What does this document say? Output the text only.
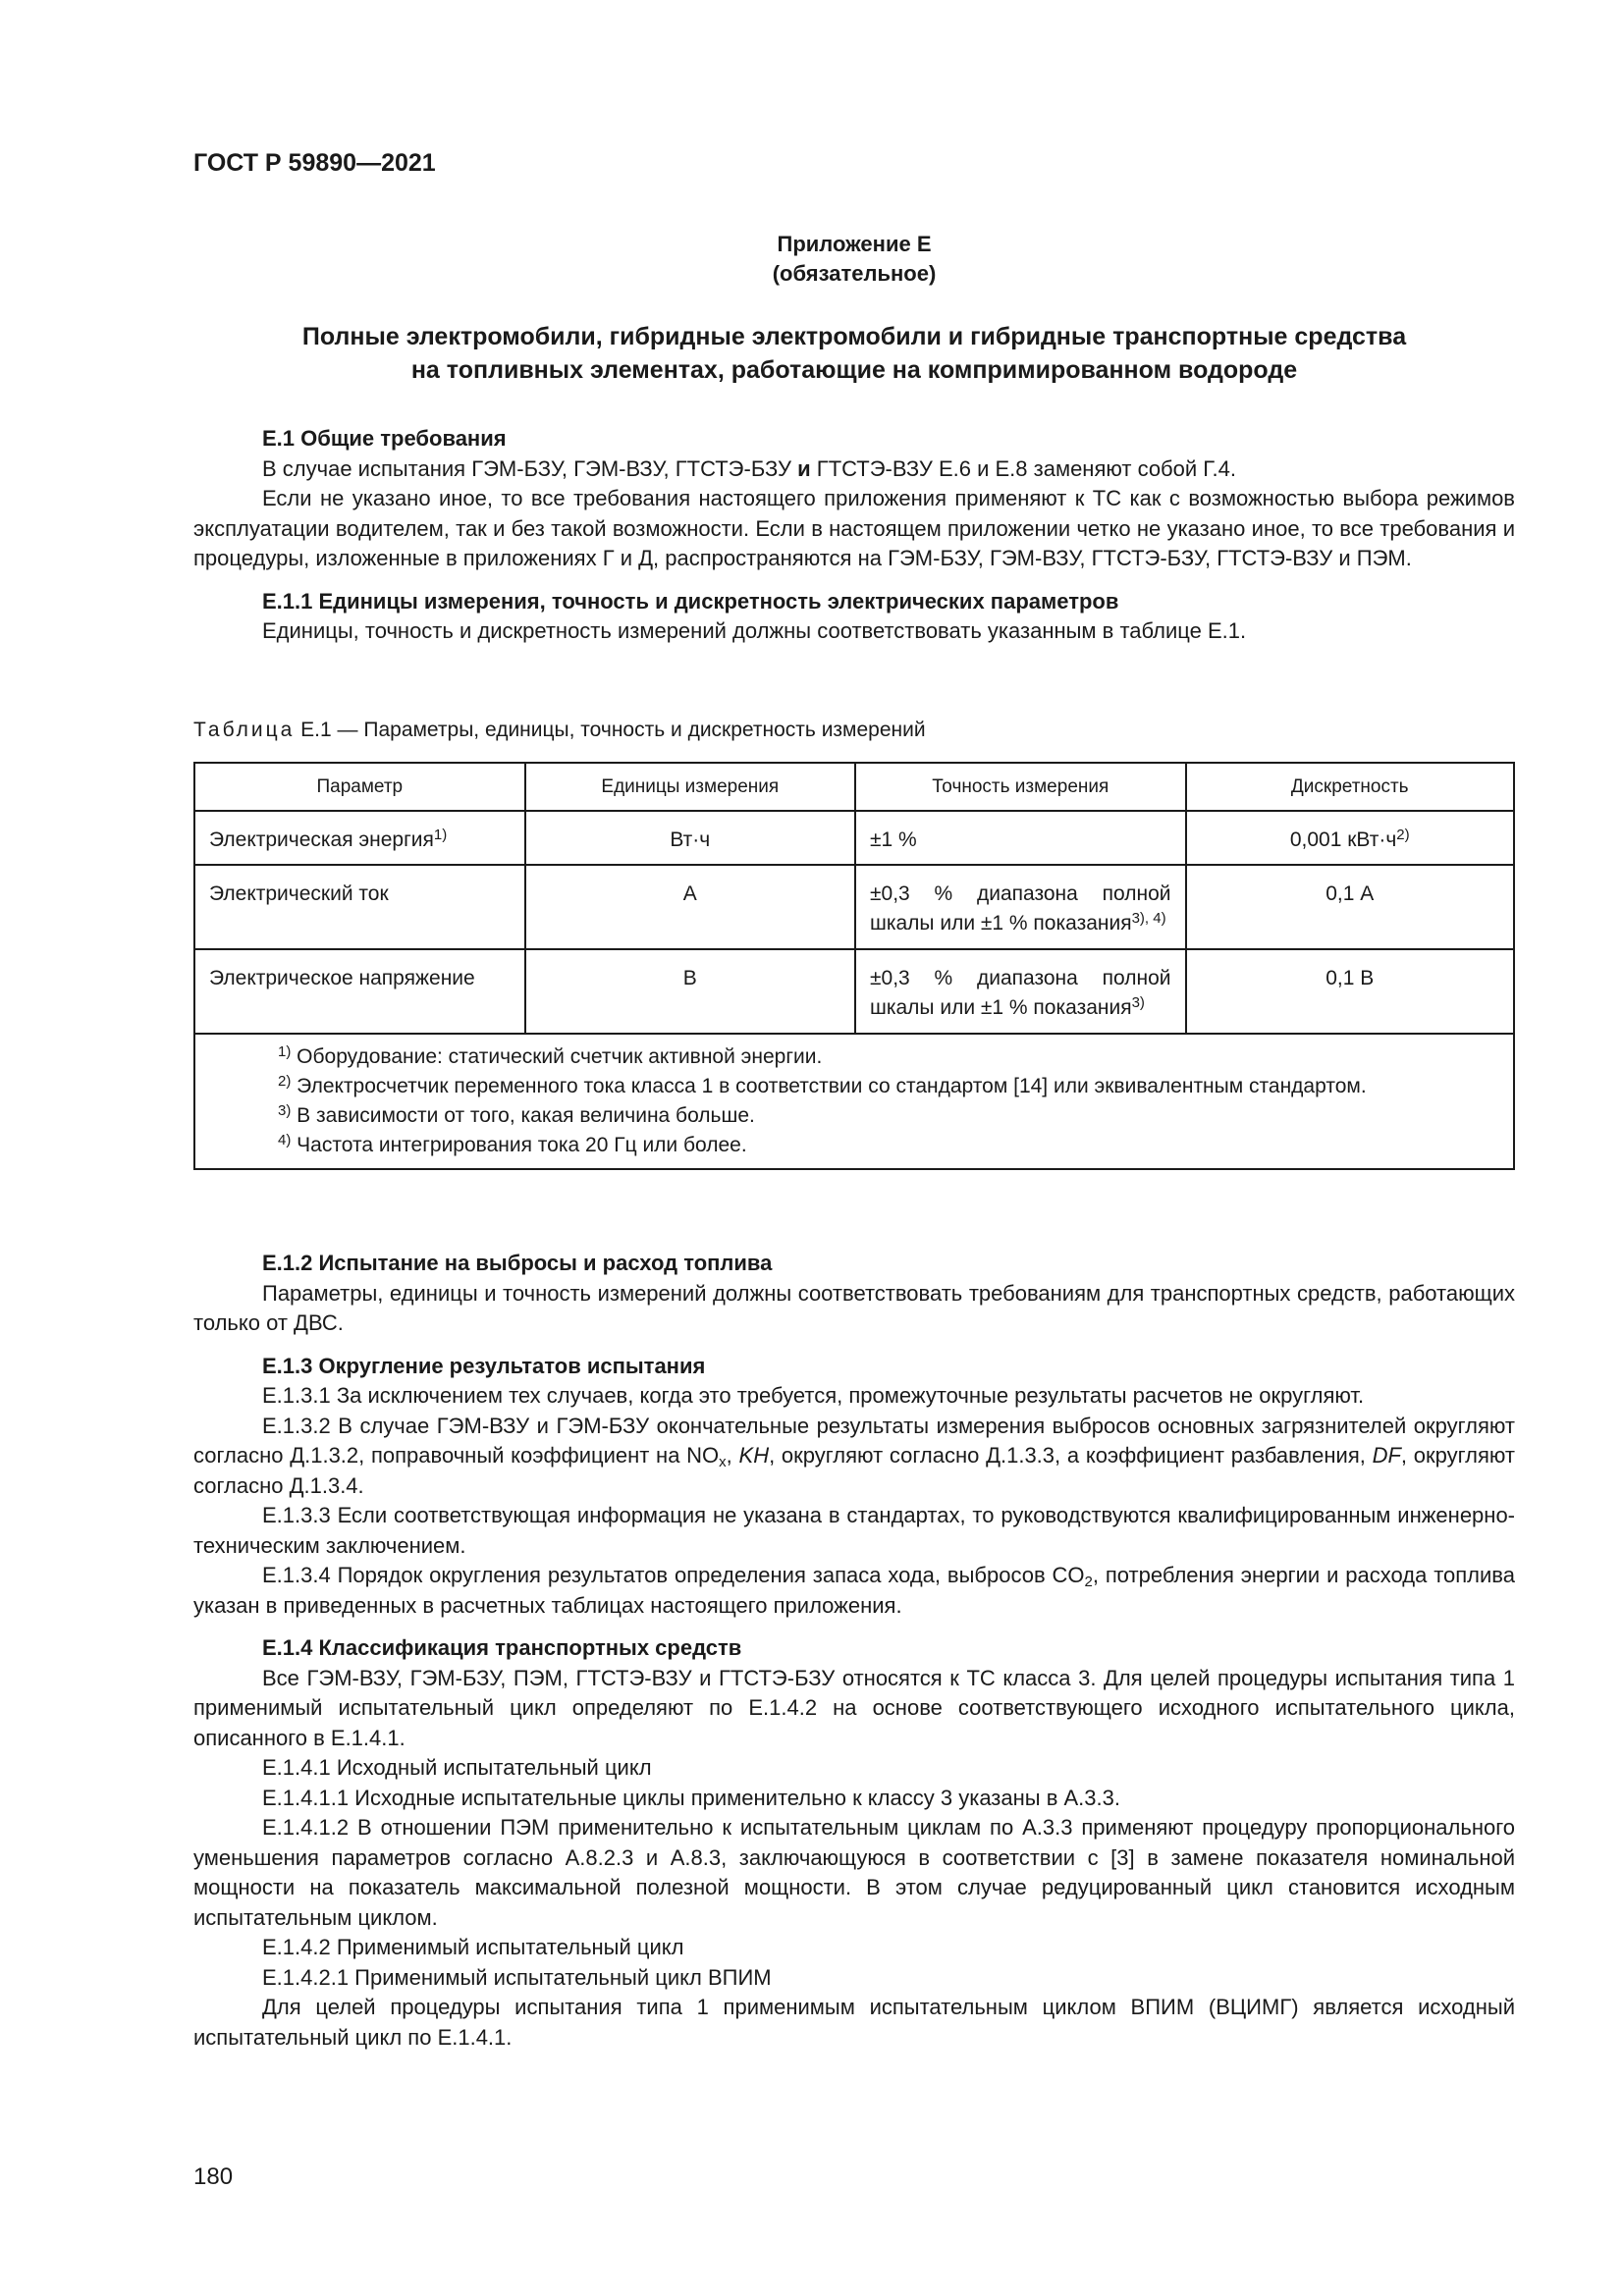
ГОСТ Р 59890—2021
Приложение Е
(обязательное)
Полные электромобили, гибридные электромобили и гибридные транспортные средства
на топливных элементах, работающие на компримированном водороде

Е.1 Общие требования

В случае испытания ГЭМ-БЗУ, ГЭМ-ВЗУ, ГТСТЭ-БЗУ и ГТСТЭ-ВЗУ Е.6 и Е.8 заменяют собой Г.4.

Если не указано иное, то все требования настоящего приложения применяют к ТС как с возможностью выбора режимов эксплуатации водителем, так и без такой возможности. Если в настоящем приложении четко не указано иное, то все требования и процедуры, изложенные в приложениях Г и Д, распространяются на ГЭМ-БЗУ, ГЭМ-ВЗУ, ГТСТЭ-БЗУ, ГТСТЭ-ВЗУ и ПЭМ.

Е.1.1 Единицы измерения, точность и дискретность электрических параметров

Единицы, точность и дискретность измерений должны соответствовать указанным в таблице Е.1.

Таблица Е.1 — Параметры, единицы, точность и дискретность измерений
Параметр	Единицы измерения	Точность измерения	Дискретность
Электрическая энергия$^{1)}$	Вт·ч	±1 %	0,001 $кВт\cdot ч^{2)}$
Электрический ток	А	±0,3 % диапазона полной шкалы или ±1 % показания$^{3), 4)}$	0,1 А
Электрическое напряжение	В	±0,3 % диапазона полной шкалы или ±1 % показания$^{3)}$	0,1 В

$^{1)}$ Оборудование: статический счетчик активной энергии.

$^{2)}$ Электросчетчик переменного тока класса 1 в соответствии со стандартом [14] или эквивалентным стандартом.

$^{3)}$ В зависимости от того, какая величина больше.

$^{4)}$ Частота интегрирования тока 20 Гц или более.			

Е.1.2 Испытание на выбросы и расход топлива

Параметры, единицы и точность измерений должны соответствовать требованиям для транспортных средств, работающих только от ДВС.

Е.1.3 Округление результатов испытания

Е.1.3.1 За исключением тех случаев, когда это требуется, промежуточные результаты расчетов не округляют.

Е.1.3.2 В случае ГЭМ-ВЗУ и ГЭМ-БЗУ окончательные результаты измерения выбросов основных загрязнителей округляют согласно Д.1.3.2, поправочный коэффициент на $NO_x$, KH, округляют согласно Д.1.3.3, а коэффициент разбавления, DF, округляют согласно Д.1.3.4.

Е.1.3.3 Если соответствующая информация не указана в стандартах, то руководствуются квалифицированным инженерно-техническим заключением.

Е.1.3.4 Порядок округления результатов определения запаса хода, выбросов $CO_2$, потребления энергии и расхода топлива указан в приведенных в расчетных таблицах настоящего приложения.

Е.1.4 Классификация транспортных средств

Все ГЭМ-ВЗУ, ГЭМ-БЗУ, ПЭМ, ГТСТЭ-ВЗУ и ГТСТЭ-БЗУ относятся к ТС класса 3. Для целей процедуры испытания типа 1 применимый испытательный цикл определяют по Е.1.4.2 на основе соответствующего исходного испытательного цикла, описанного в Е.1.4.1.

Е.1.4.1 Исходный испытательный цикл

Е.1.4.1.1 Исходные испытательные циклы применительно к классу 3 указаны в А.3.3.

Е.1.4.1.2 В отношении ПЭМ применительно к испытательным циклам по А.3.3 применяют процедуру пропорционального уменьшения параметров согласно А.8.2.3 и А.8.3, заключающуюся в соответствии с [3] в замене показателя номинальной мощности на показатель максимальной полезной мощности. В этом случае редуцированный цикл становится исходным испытательным циклом.

Е.1.4.2 Применимый испытательный цикл

Е.1.4.2.1 Применимый испытательный цикл ВПИМ

Для целей процедуры испытания типа 1 применимым испытательным циклом ВПИМ (ВЦИМГ) является исходный испытательный цикл по Е.1.4.1.

180
